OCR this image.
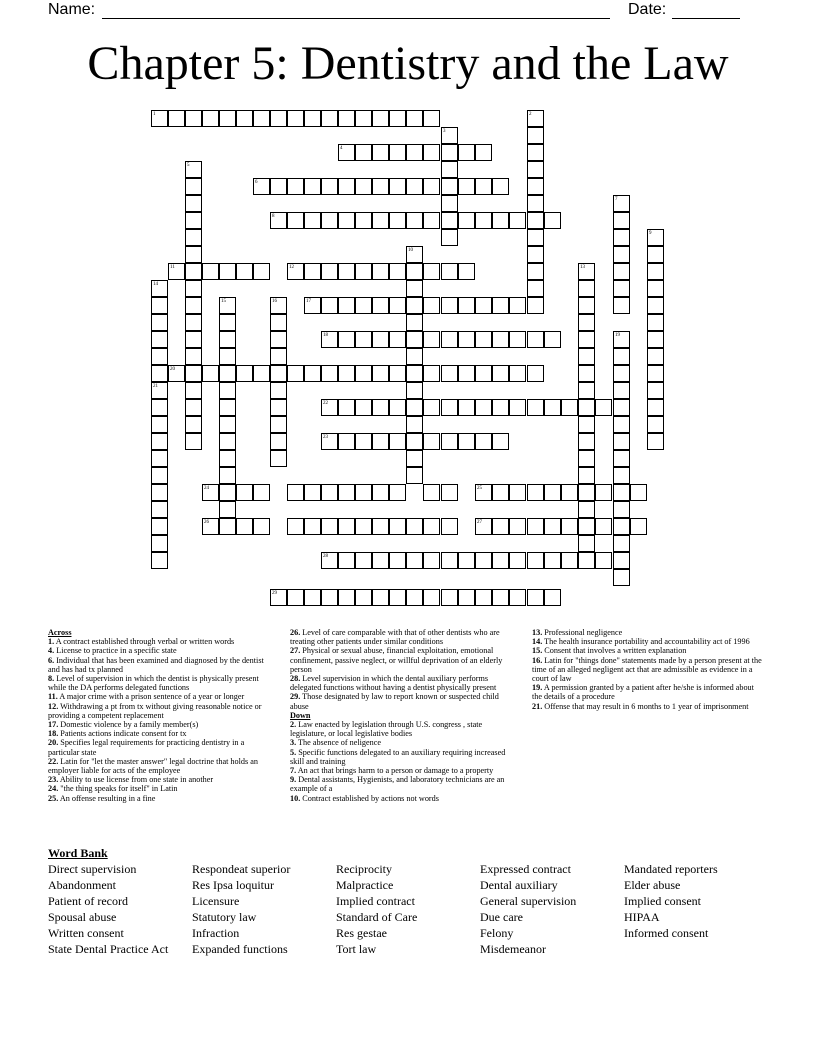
Name:	Date:
Chapter 5: Dentistry and the Law
1	2
3
4
5
6
7
8
9
10
11	12	13
14
15	16	17
18	19
20
21
22
23
24	25
26	27
28
29
Across
1. A contract established through verbal or written words
4. License to practice in a specific state
6. Individual that has been examined and diagnosed by the dentist and has had tx planned
8. Level of supervision in which the dentist is physically present while the DA performs delegated functions
11. A major crime with a prison sentence of a year or longer
12. Withdrawing a pt from tx without giving reasonable notice or providing a competent replacement
17. Domestic violence by a family member(s)
18. Patients actions indicate consent for tx
20. Specifies legal requirements for practicing dentistry in a particular state
22. Latin for "let the master answer" legal doctrine that holds an employer liable for acts of the employee
23. Ability to use license from one state in another
24. "the thing speaks for itself" in Latin
25. An offense resulting in a fine
26. Level of care comparable with that of other dentists who are treating other patients under similar conditions
27. Physical or sexual abuse, financial exploitation, emotional confinement, passive neglect, or willful deprivation of an elderly person
28. Level supervision in which the dental auxiliary performs delegated functions without having a dentist physically present
29. Those designated by law to report known or suspected child abuse
Down
2. Law enacted by legislation through U.S. congress , state legislature, or local legislative bodies
3. The absence of neligence
5. Specific functions delegated to an auxiliary requiring increased skill and training
7. An act that brings harm to a person or damage to a property
9. Dental assistants, Hygienists, and laboratory technicians are an example of a
10. Contract established by actions not words
13. Professional negligence
14. The health insurance portability and accountability act of 1996
15. Consent that involves a written explanation
16. Latin for "things done" statements made by a person present at the time of an alleged negligent act that are admissible as evidence in a court of law
19. A permission granted by a patient after he/she is informed about the details of a procedure
21. Offense that may result in 6 months to 1 year of imprisonment
Word Bank
Direct supervision
Abandonment
Patient of record
Spousal abuse
Written consent
State Dental Practice Act
Respondeat superior
Res Ipsa loquitur
Licensure
Statutory law
Infraction
Expanded functions
Reciprocity
Malpractice
Implied contract
Standard of Care
Res gestae
Tort law
Expressed contract
Dental auxiliary
General supervision
Due care
Felony
Misdemeanor
Mandated reporters
Elder abuse
Implied consent
HIPAA
Informed consent
